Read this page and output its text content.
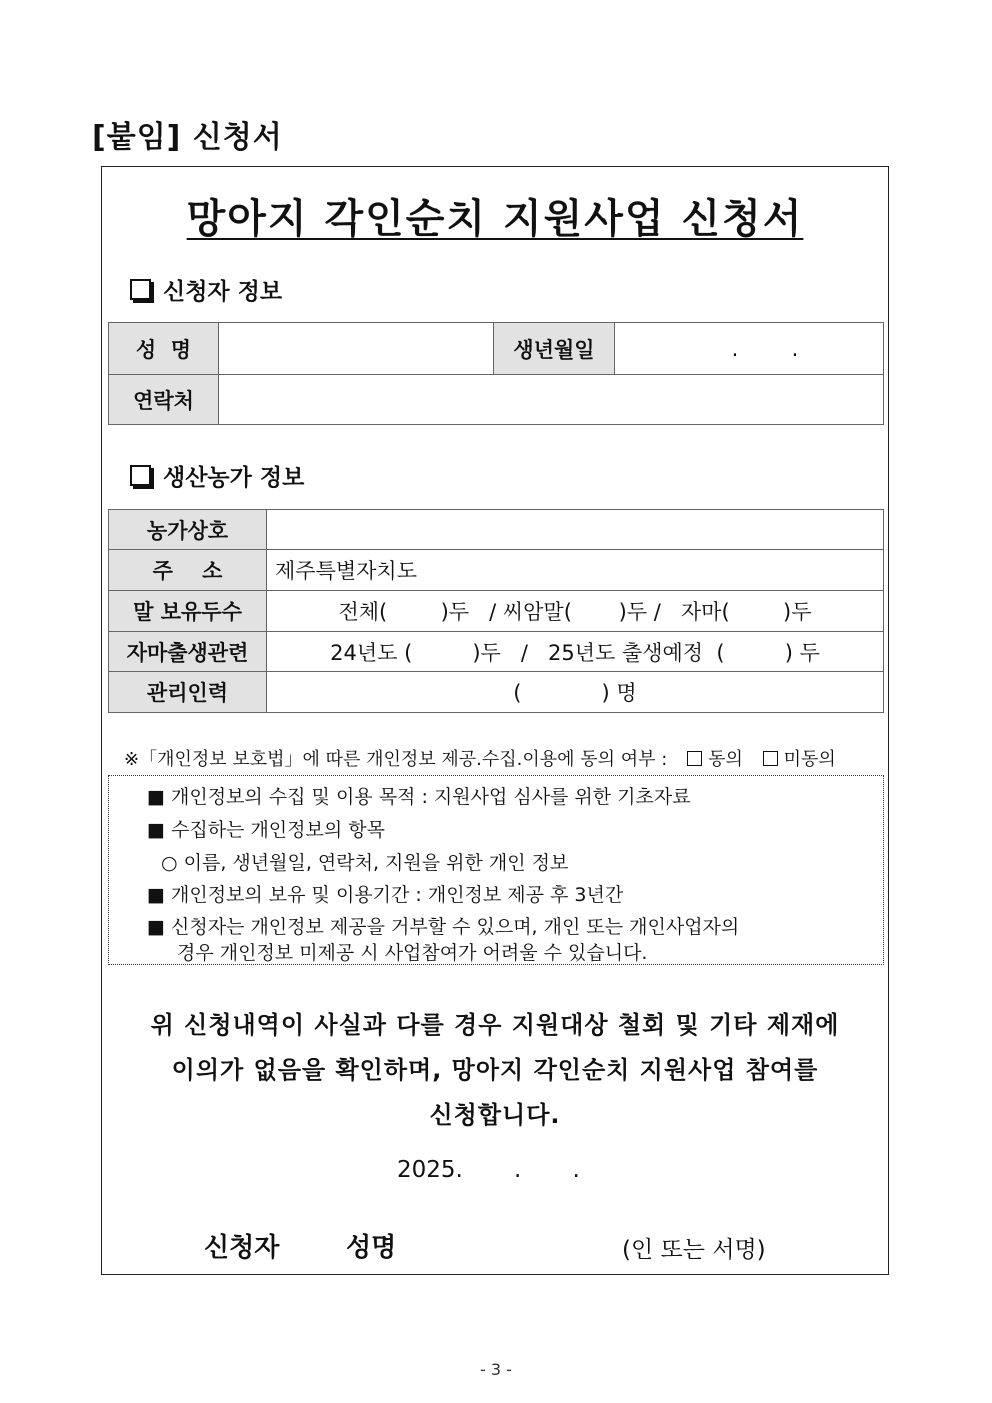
[붙임] 신청서
망아지 각인순치 지원사업 신청서
신청자 정보
성  명		생년월일	.        .
연락처			
생산농가 정보
농가상호	
주    소	제주특별자치도
말 보유두수	전체(        )두   / 씨암말(       )두 /   자마(        )두
자마출생관련	24년도 (         )두   /   25년도 출생예정  (         ) 두
관리인력	(            ) 명
※「개인정보 보호법」에 따른 개인정보 제공.수집.이용에 동의 여부 : 동의 미동의
■ 개인정보의 수집 및 이용 목적 : 지원사업 심사를 위한 기초자료
■ 수집하는 개인정보의 항목
○ 이름, 생년월일, 연락처, 지원을 위한 개인 정보
■ 개인정보의 보유 및 이용기간 : 개인정보 제공 후 3년간
■ 신청자는 개인정보 제공을 거부할 수 있으며, 개인 또는 개인사업자의
경우 개인정보 미제공 시 사업참여가 어려울 수 있습니다.
위 신청내역이 사실과 다를 경우 지원대상 철회 및 기타 제재에
이의가 없음을 확인하며, 망아지 각인순치 지원사업 참여를
신청합니다.
2025.       .       .
신청자	성명	(인 또는 서명)
- 3 -
